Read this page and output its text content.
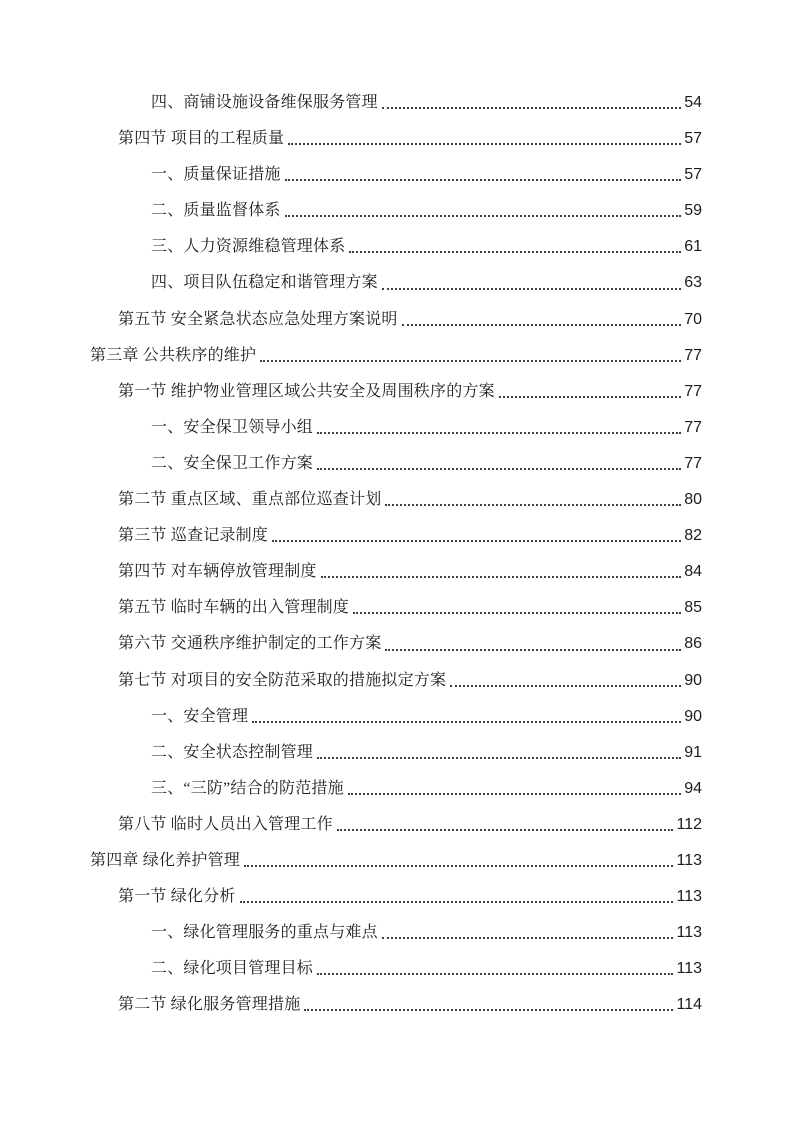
四、商铺设施设备维保服务管理	54
第四节 项目的工程质量	57
一、质量保证措施	57
二、质量监督体系	59
三、人力资源维稳管理体系	61
四、项目队伍稳定和谐管理方案	63
第五节 安全紧急状态应急处理方案说明	70
第三章 公共秩序的维护	77
第一节 维护物业管理区域公共安全及周围秩序的方案	77
一、安全保卫领导小组	77
二、安全保卫工作方案	77
第二节 重点区域、重点部位巡查计划	80
第三节 巡查记录制度	82
第四节 对车辆停放管理制度	84
第五节 临时车辆的出入管理制度	85
第六节 交通秩序维护制定的工作方案	86
第七节 对项目的安全防范采取的措施拟定方案	90
一、安全管理	90
二、安全状态控制管理	91
三、“三防”结合的防范措施	94
第八节 临时人员出入管理工作	112
第四章 绿化养护管理	113
第一节 绿化分析	113
一、绿化管理服务的重点与难点	113
二、绿化项目管理目标	113
第二节 绿化服务管理措施	114
